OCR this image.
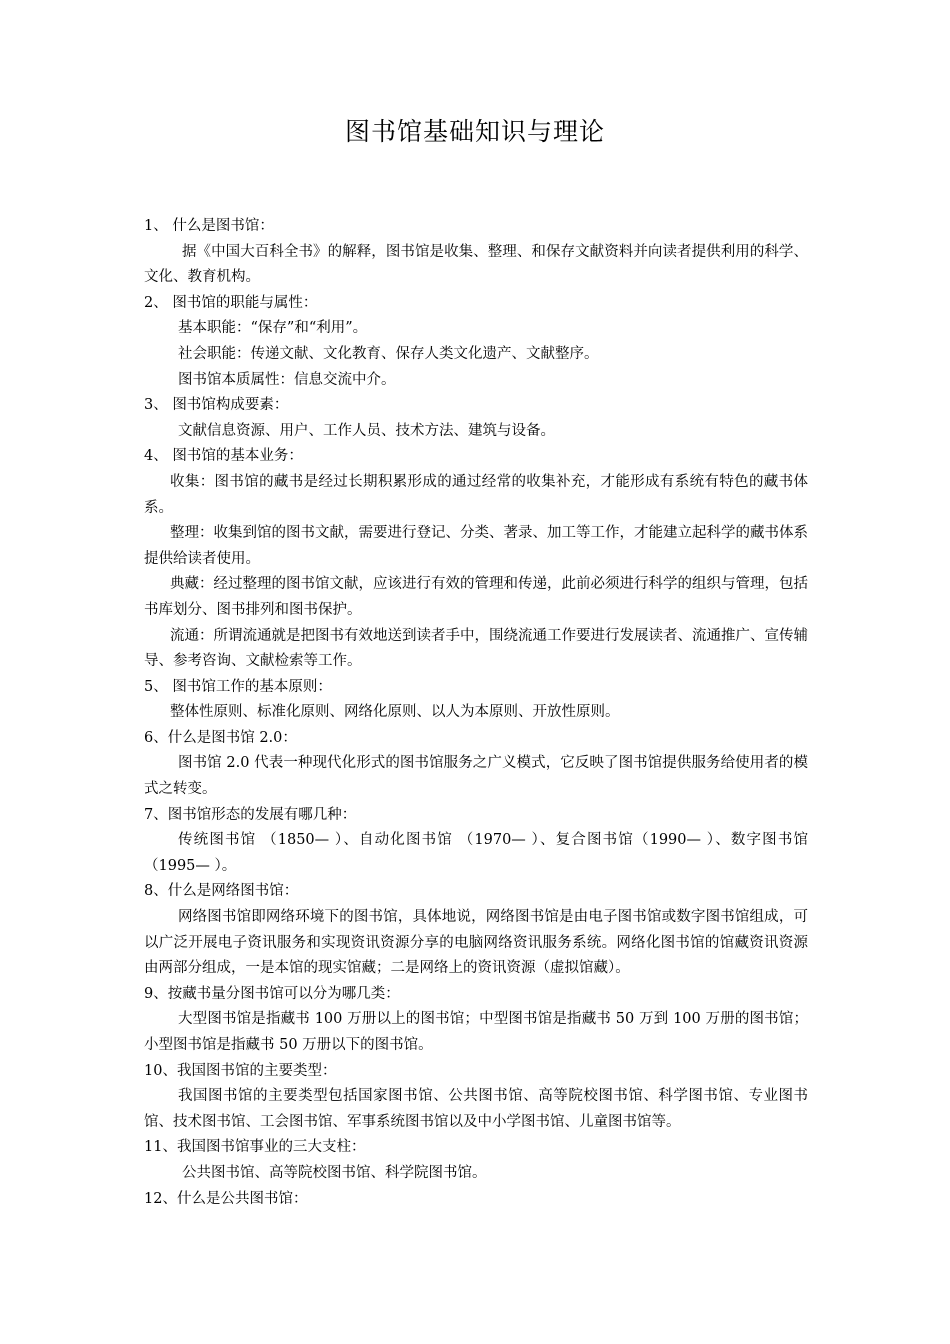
图书馆基础知识与理论

1、 什么是图书馆：

据《中国大百科全书》的解释，图书馆是收集、整理、和保存文献资料并向读者提供利用的科学、文化、教育机构。

2、 图书馆的职能与属性：

基本职能：“保存”和“利用”。

社会职能：传递文献、文化教育、保存人类文化遗产、文献整序。

图书馆本质属性：信息交流中介。

3、 图书馆构成要素：

文献信息资源、用户、工作人员、技术方法、建筑与设备。

4、 图书馆的基本业务：

收集：图书馆的藏书是经过长期积累形成的通过经常的收集补充，才能形成有系统有特色的藏书体系。

整理：收集到馆的图书文献，需要进行登记、分类、著录、加工等工作，才能建立起科学的藏书体系提供给读者使用。

典藏：经过整理的图书馆文献，应该进行有效的管理和传递，此前必须进行科学的组织与管理，包括书库划分、图书排列和图书保护。

流通：所谓流通就是把图书有效地送到读者手中，围绕流通工作要进行发展读者、流通推广、宣传辅导、参考咨询、文献检索等工作。

5、 图书馆工作的基本原则：

整体性原则、标准化原则、网络化原则、以人为本原则、开放性原则。

6、什么是图书馆 2.0：

图书馆 2.0 代表一种现代化形式的图书馆服务之广义模式，它反映了图书馆提供服务给使用者的模式之转变。

7、图书馆形态的发展有哪几种：

传统图书馆 （1850— ）、自动化图书馆 （1970— ）、复合图书馆（1990— ）、数字图书馆 （1995— ）。

8、什么是网络图书馆：

网络图书馆即网络环境下的图书馆，具体地说，网络图书馆是由电子图书馆或数字图书馆组成，可以广泛开展电子资讯服务和实现资讯资源分享的电脑网络资讯服务系统。网络化图书馆的馆藏资讯资源由两部分组成，一是本馆的现实馆藏；二是网络上的资讯资源（虚拟馆藏）。

9、按藏书量分图书馆可以分为哪几类：

大型图书馆是指藏书 100 万册以上的图书馆；中型图书馆是指藏书 50 万到 100 万册的图书馆；小型图书馆是指藏书 50 万册以下的图书馆。

10、我国图书馆的主要类型：

我国图书馆的主要类型包括国家图书馆、公共图书馆、高等院校图书馆、科学图书馆、专业图书馆、技术图书馆、工会图书馆、军事系统图书馆以及中小学图书馆、儿童图书馆等。

11、我国图书馆事业的三大支柱：

公共图书馆、高等院校图书馆、科学院图书馆。

12、什么是公共图书馆：
